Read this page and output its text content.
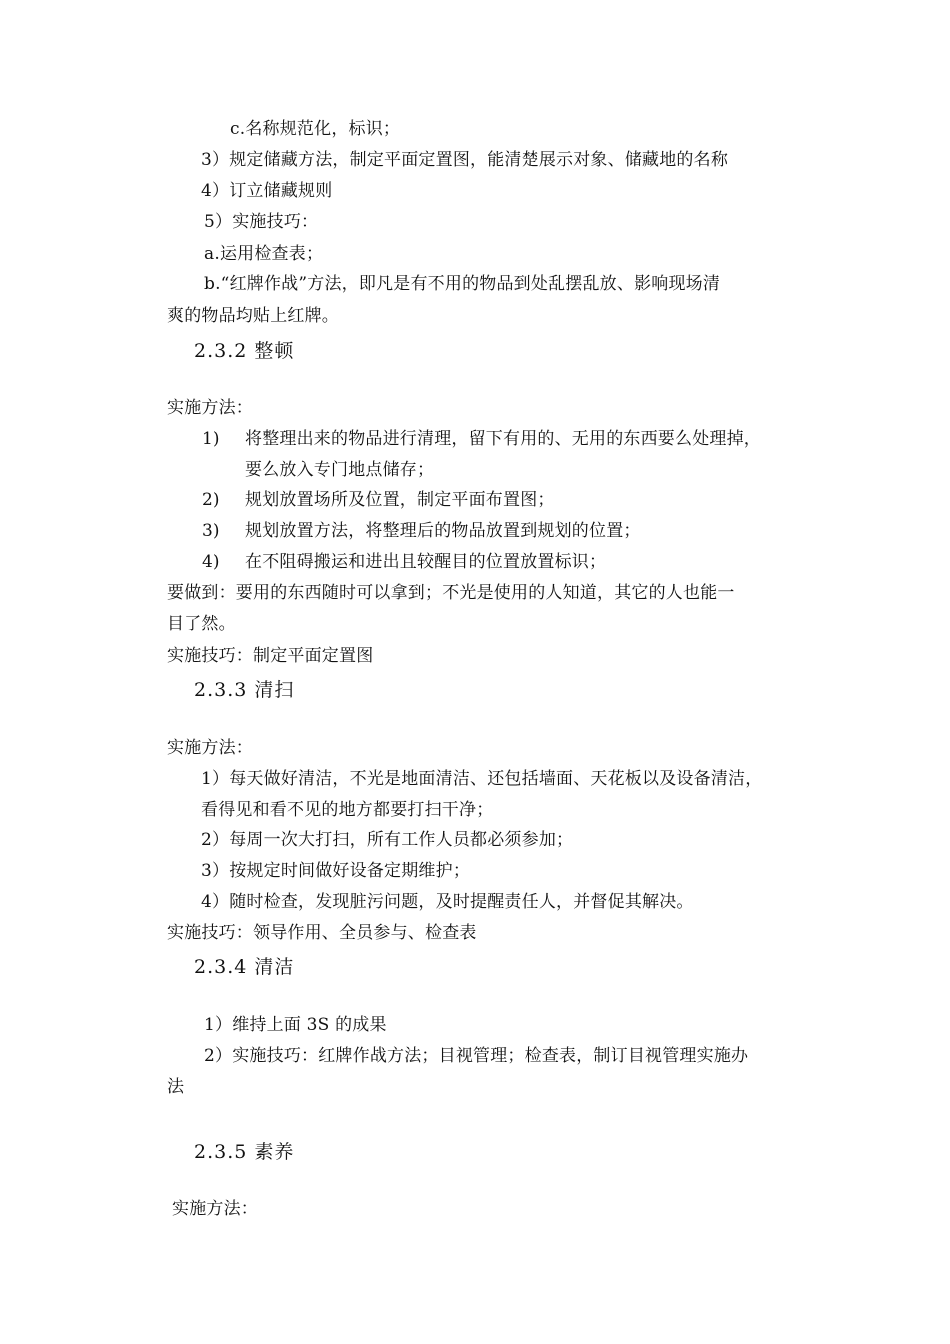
c.名称规范化，标识；
3）规定储藏方法，制定平面定置图，能清楚展示对象、储藏地的名称
4）订立储藏规则
5）实施技巧：
a.运用检查表；
b.“红牌作战”方法，即凡是有不用的物品到处乱摆乱放、影响现场清
爽的物品均贴上红牌。
2.3.2 整顿
实施方法：
1) 将整理出来的物品进行清理，留下有用的、无用的东西要么处理掉，
要么放入专门地点储存；
2) 规划放置场所及位置，制定平面布置图；
3) 规划放置方法，将整理后的物品放置到规划的位置；
4) 在不阻碍搬运和进出且较醒目的位置放置标识；
要做到：要用的东西随时可以拿到；不光是使用的人知道，其它的人也能一
目了然。
实施技巧：制定平面定置图
2.3.3 清扫
实施方法：
1）每天做好清洁，不光是地面清洁、还包括墙面、天花板以及设备清洁，
看得见和看不见的地方都要打扫干净；
2）每周一次大打扫，所有工作人员都必须参加；
3）按规定时间做好设备定期维护；
4）随时检查，发现脏污问题，及时提醒责任人，并督促其解决。
实施技巧：领导作用、全员参与、检查表
2.3.4 清洁
1）维持上面 3S 的成果
2）实施技巧：红牌作战方法；目视管理；检查表，制订目视管理实施办
法
2.3.5 素养
实施方法：
